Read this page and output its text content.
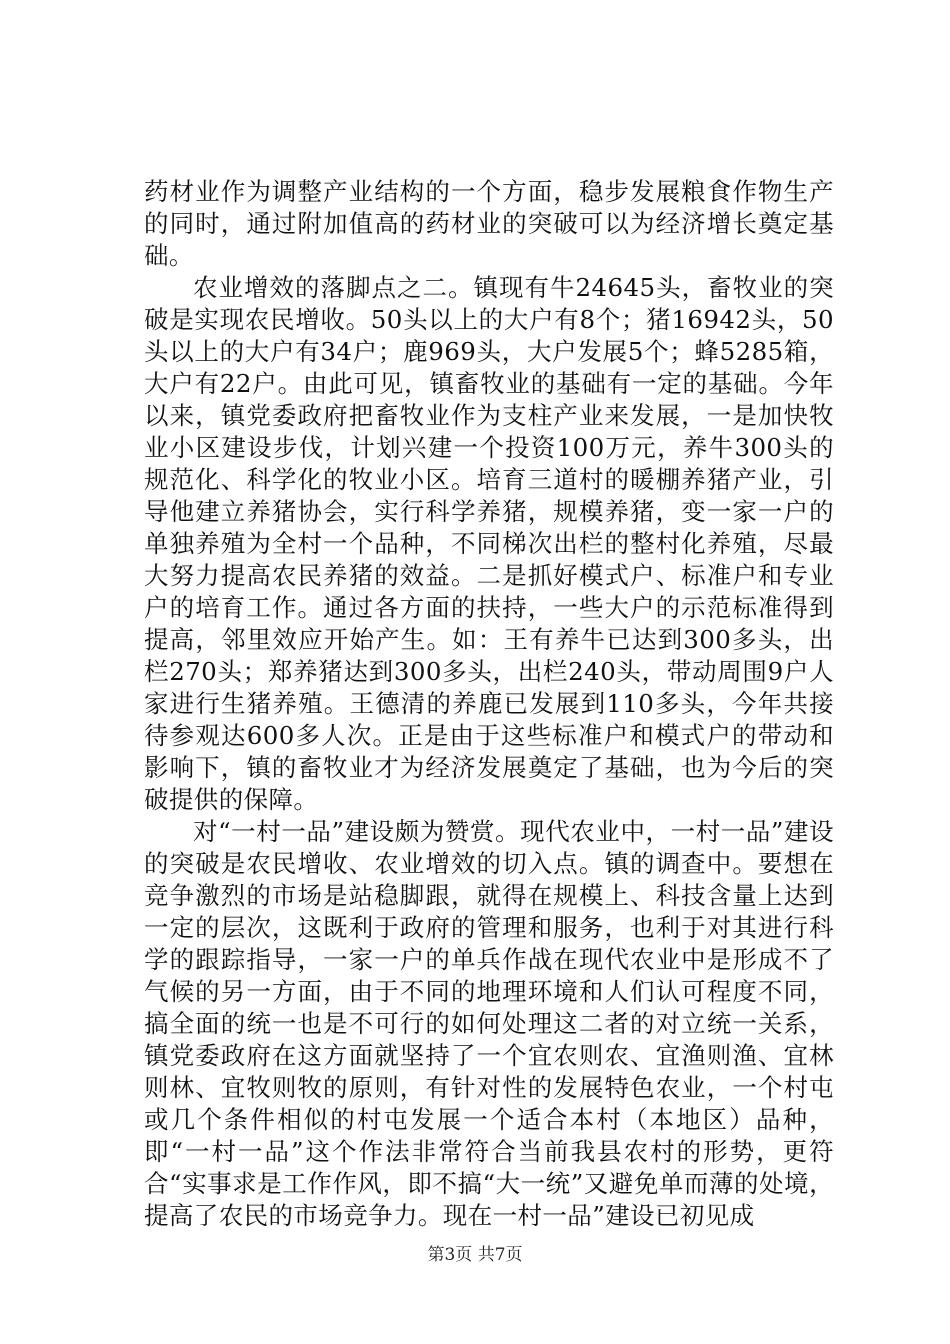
药材业作为调整产业结构的一个方面，稳步发展粮食作物生产的同时，通过附加值高的药材业的突破可以为经济增长奠定基础。

农业增效的落脚点之二。镇现有牛24645头，畜牧业的突破是实现农民增收。50头以上的大户有8个；猪16942头，50头以上的大户有34户；鹿969头，大户发展5个；蜂5285箱，大户有22户。由此可见，镇畜牧业的基础有一定的基础。今年以来，镇党委政府把畜牧业作为支柱产业来发展，一是加快牧业小区建设步伐，计划兴建一个投资100万元，养牛300头的规范化、科学化的牧业小区。培育三道村的暖棚养猪产业，引导他建立养猪协会，实行科学养猪，规模养猪，变一家一户的单独养殖为全村一个品种，不同梯次出栏的整村化养殖，尽最大努力提高农民养猪的效益。二是抓好模式户、标准户和专业户的培育工作。通过各方面的扶持，一些大户的示范标准得到提高，邻里效应开始产生。如：王有养牛已达到300多头，出栏270头；郑养猪达到300多头，出栏240头，带动周围9户人家进行生猪养殖。王德清的养鹿已发展到110多头，今年共接待参观达600多人次。正是由于这些标准户和模式户的带动和影响下，镇的畜牧业才为经济发展奠定了基础，也为今后的突破提供的保障。

对“一村一品”建设颇为赞赏。现代农业中，一村一品”建设的突破是农民增收、农业增效的切入点。镇的调查中。要想在竞争激烈的市场是站稳脚跟，就得在规模上、科技含量上达到一定的层次，这既利于政府的管理和服务，也利于对其进行科学的跟踪指导，一家一户的单兵作战在现代农业中是形成不了气候的另一方面，由于不同的地理环境和人们认可程度不同，搞全面的统一也是不可行的如何处理这二者的对立统一关系，镇党委政府在这方面就坚持了一个宜农则农、宜渔则渔、宜林则林、宜牧则牧的原则，有针对性的发展特色农业，一个村屯或几个条件相似的村屯发展一个适合本村（本地区）品种，即“一村一品”这个作法非常符合当前我县农村的形势，更符合“实事求是工作作风，即不搞“大一统”又避免单而薄的处境，提高了农民的市场竞争力。现在一村一品”建设已初见成

第3页 共7页
